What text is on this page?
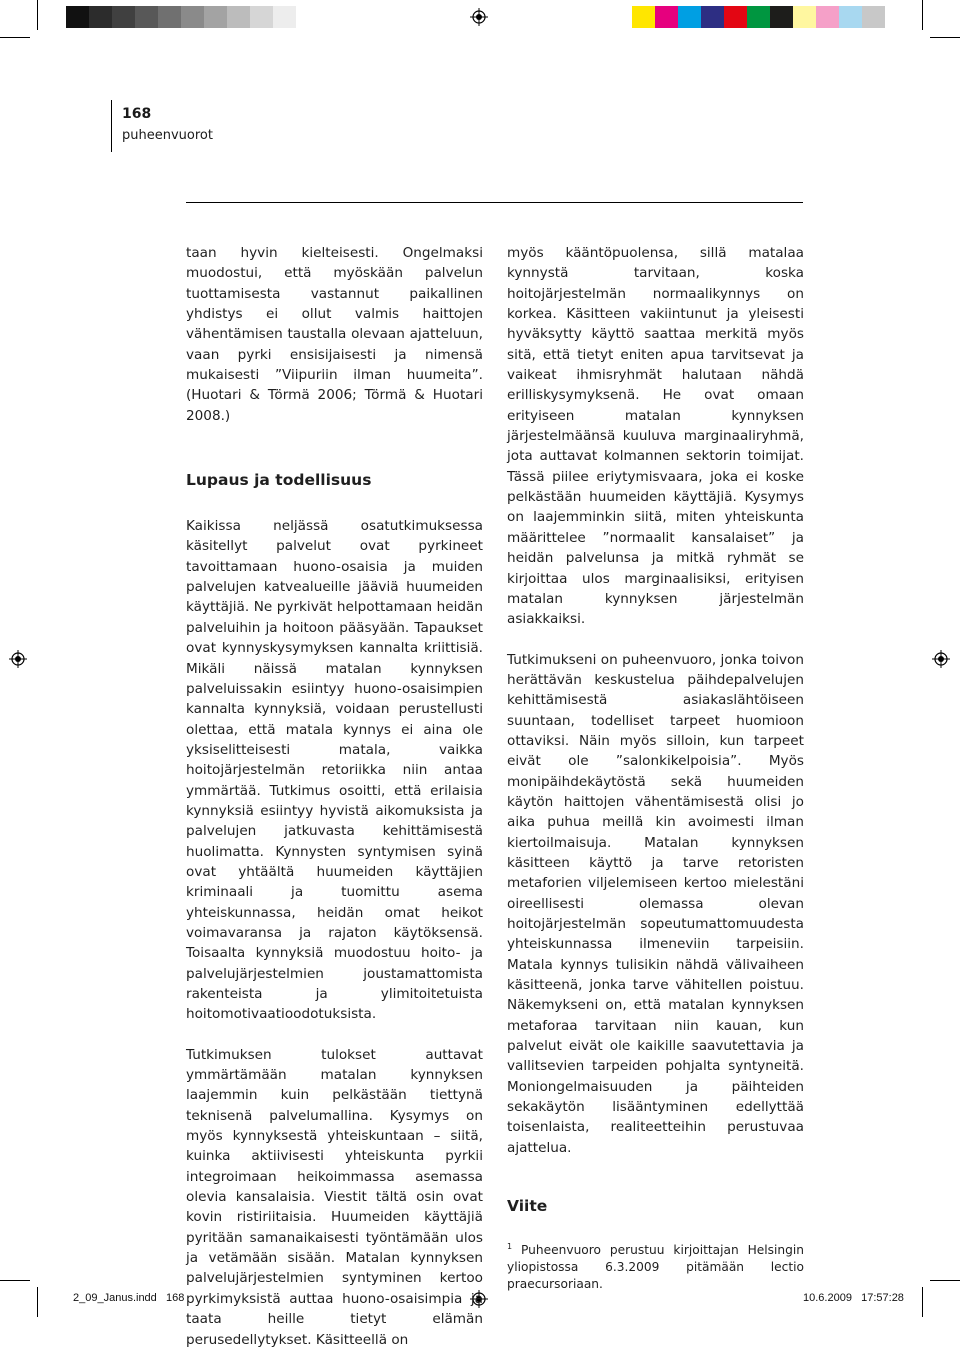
168
puheenvuorot

taan hyvin kielteisesti. Ongelmaksi muodostui, että myöskään palvelun tuottamisesta vastannut paikallinen yhdistys ei ollut valmis haittojen vähentämisen taustalla olevaan ajatteluun, vaan pyrki ensisijaisesti ja nimensä mukaisesti ”Viipuriin ilman huumeita”. (Huotari & Törmä 2006; Törmä & Huotari 2008.)

Lupaus ja todellisuus

Kaikissa neljässä osatutkimuksessa käsitellyt palvelut ovat pyrkineet tavoittamaan huono-osaisia ja muiden palvelujen katvealueille jääviä huumeiden käyttäjiä. Ne pyrkivät helpottamaan heidän palveluihin ja hoitoon pääsyään. Tapaukset ovat kynnyskysymyksen kannalta kriittisiä. Mikäli näissä matalan kynnyksen palveluissakin esiintyy huono-osaisimpien kannalta kynnyksiä, voidaan perustellusti olettaa, että matala kynnys ei aina ole yksiselitteisesti matala, vaikka hoitojärjestelmän retoriikka niin antaa ymmärtää. Tutkimus osoitti, että erilaisia kynnyksiä esiintyy hyvistä aikomuksista ja palvelujen jatkuvasta kehittämisestä huolimatta. Kynnysten syntymisen syinä ovat yhtäältä huumeiden käyttäjien kriminaali ja tuomittu asema yhteiskunnassa, heidän omat heikot voimavaransa ja rajaton käytöksensä. Toisaalta kynnyksiä muodostuu hoito- ja palvelujärjestelmien joustamattomista rakenteista ja ylimitoitetuista hoitomotivaatioodotuksista.

Tutkimuksen tulokset auttavat ymmärtämään matalan kynnyksen laajemmin kuin pelkästään tiettynä teknisenä palvelumallina. Kysymys on myös kynnyksestä yhteiskuntaan – siitä, kuinka aktiivisesti yhteiskunta pyrkii integroimaan heikoimmassa asemassa olevia kansalaisia. Viestit tältä osin ovat kovin ristiriitaisia. Huumeiden käyttäjiä pyritään samanaikaisesti työntämään ulos ja vetämään sisään. Matalan kynnyksen palvelujärjestelmien syntyminen kertoo pyrkimyksistä auttaa huono-osaisimpia ja taata heille tietyt elämän perusedellytykset. Käsitteellä on

myös kääntöpuolensa, sillä matalaa kynnystä tarvitaan, koska hoitojärjestelmän normaalikynnys on korkea. Käsitteen vakiintunut ja yleisesti hyväksytty käyttö saattaa merkitä myös sitä, että tietyt eniten apua tarvitsevat ja vaikeat ihmisryhmät halutaan nähdä erilliskysymyksenä. He ovat omaan erityiseen matalan kynnyksen järjestelmäänsä kuuluva marginaaliryhmä, jota auttavat kolmannen sektorin toimijat. Tässä piilee eriytymisvaara, joka ei koske pelkästään huumeiden käyttäjiä. Kysymys on laajemminkin siitä, miten yhteiskunta määrittelee ”normaalit kansalaiset” ja heidän palvelunsa ja mitkä ryhmät se kirjoittaa ulos marginaalisiksi, erityisen matalan kynnyksen järjestelmän asiakkaiksi.

Tutkimukseni on puheenvuoro, jonka toivon herättävän keskustelua päihdepalvelujen kehittämisestä asiakaslähtöiseen suuntaan, todelliset tarpeet huomioon ottaviksi. Näin myös silloin, kun tarpeet eivät ole ”salonkikelpoisia”. Myös monipäihdekäytöstä sekä huumeiden käytön haittojen vähentämisestä olisi jo aika puhua meillä kin avoimesti ilman kiertoilmaisuja. Matalan kynnyksen käsitteen käyttö ja tarve retoristen metaforien viljelemiseen kertoo mielestäni oireellisesti olemassa olevan hoitojärjestelmän sopeutumattomuudesta yhteiskunnassa ilmeneviin tarpeisiin. Matala kynnys tulisikin nähdä välivaiheen käsitteenä, jonka tarve vähitellen poistuu. Näkemykseni on, että matalan kynnyksen metaforaa tarvitaan niin kauan, kun palvelut eivät ole kaikille saavutettavia ja vallitsevien tarpeiden pohjalta syntyneitä. Moniongelmaisuuden ja päihteiden sekakäytön lisääntyminen edellyttää toisenlaista, realiteetteihin perustuvaa ajattelua.

Viite

$^1$ Puheenvuoro perustuu kirjoittajan Helsingin yliopistossa 6.3.2009 pitämään lectio praecursoriaan.

2_09_Janus.indd   168	10.6.2009   17:57:28
